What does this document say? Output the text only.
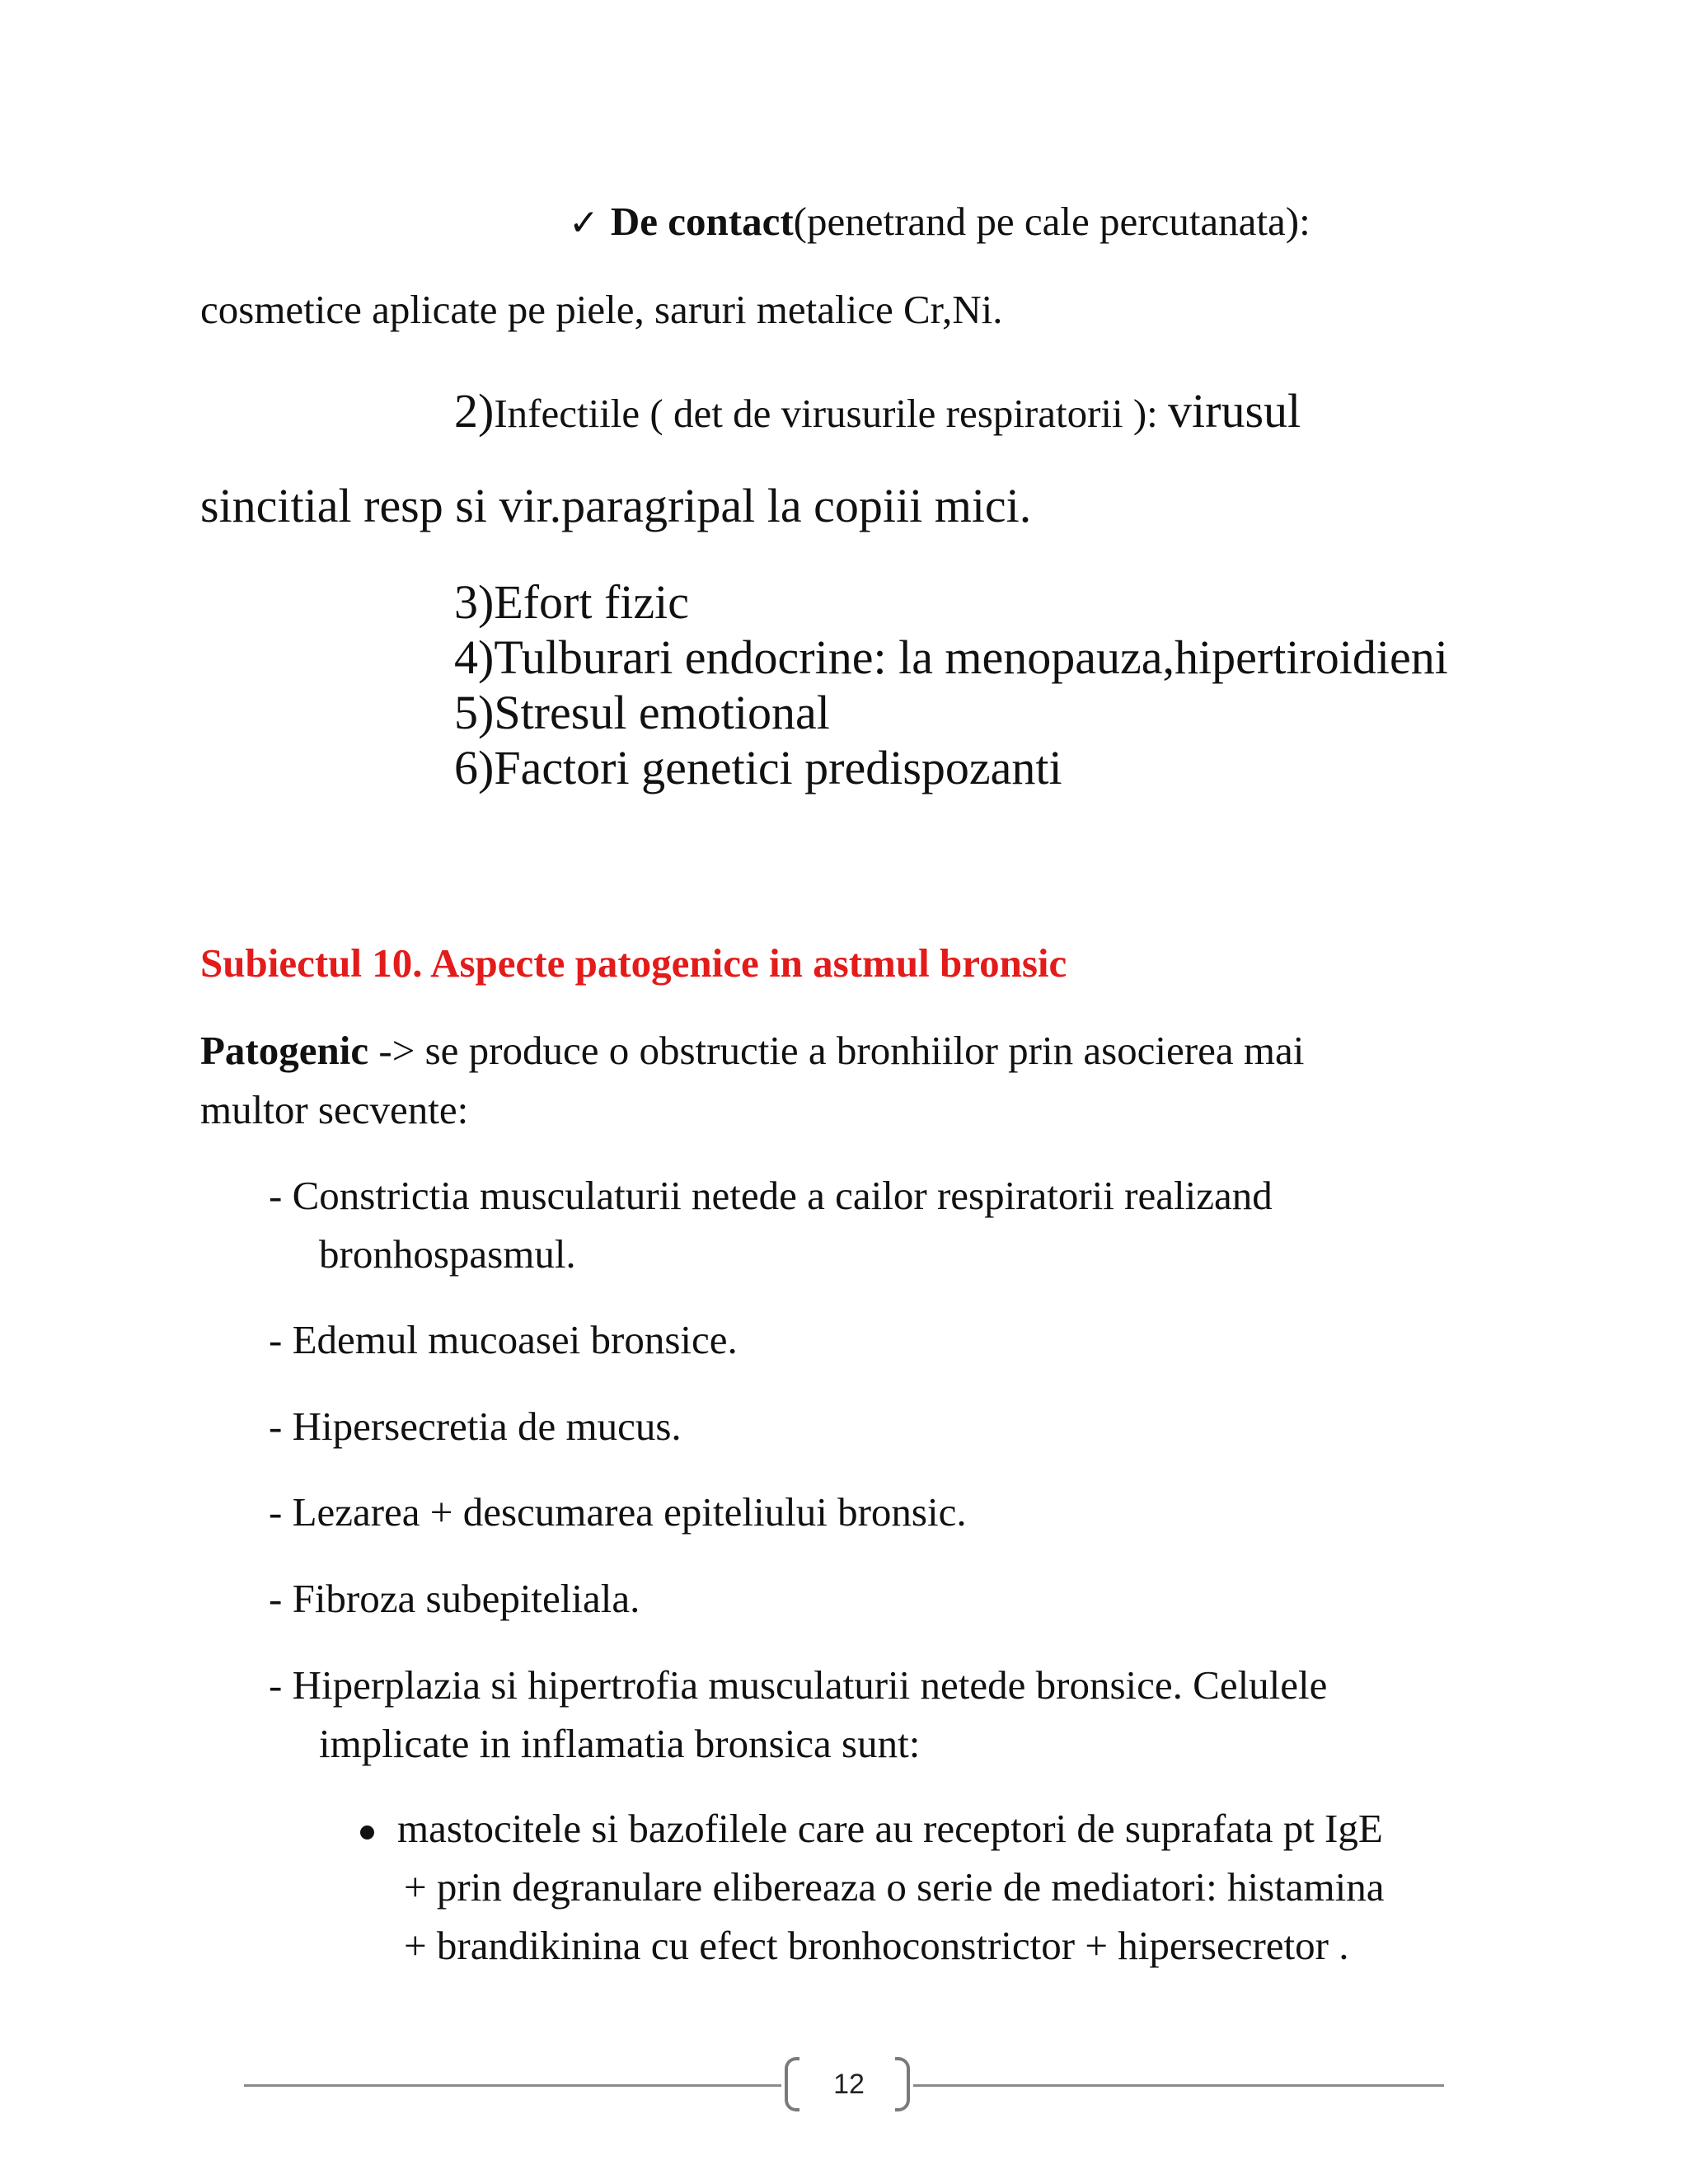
✓ De contact(penetrand pe cale percutanata):
cosmetice aplicate pe piele, saruri metalice Cr,Ni.
2)Infectiile ( det de virusurile respiratorii ): virusul
sincitial resp si vir.paragripal la copiii mici.
3)Efort fizic
4)Tulburari endocrine: la menopauza,hipertiroidieni
5)Stresul emotional
6)Factori genetici predispozanti
Subiectul 10. Aspecte patogenice in astmul bronsic
Patogenic -> se produce o obstructie a bronhiilor prin asocierea mai
multor secvente:
- Constrictia musculaturii netede a cailor respiratorii realizand
bronhospasmul.
- Edemul mucoasei bronsice.
- Hipersecretia de mucus.
- Lezarea + descumarea epiteliului bronsic.
- Fibroza subepiteliala.
- Hiperplazia si hipertrofia musculaturii netede bronsice. Celulele
implicate in inflamatia bronsica sunt:
mastocitele si bazofilele care au receptori de suprafata pt IgE
+ prin degranulare elibereaza o serie de mediatori: histamina
+ brandikinina cu efect bronhoconstrictor + hipersecretor .
12
